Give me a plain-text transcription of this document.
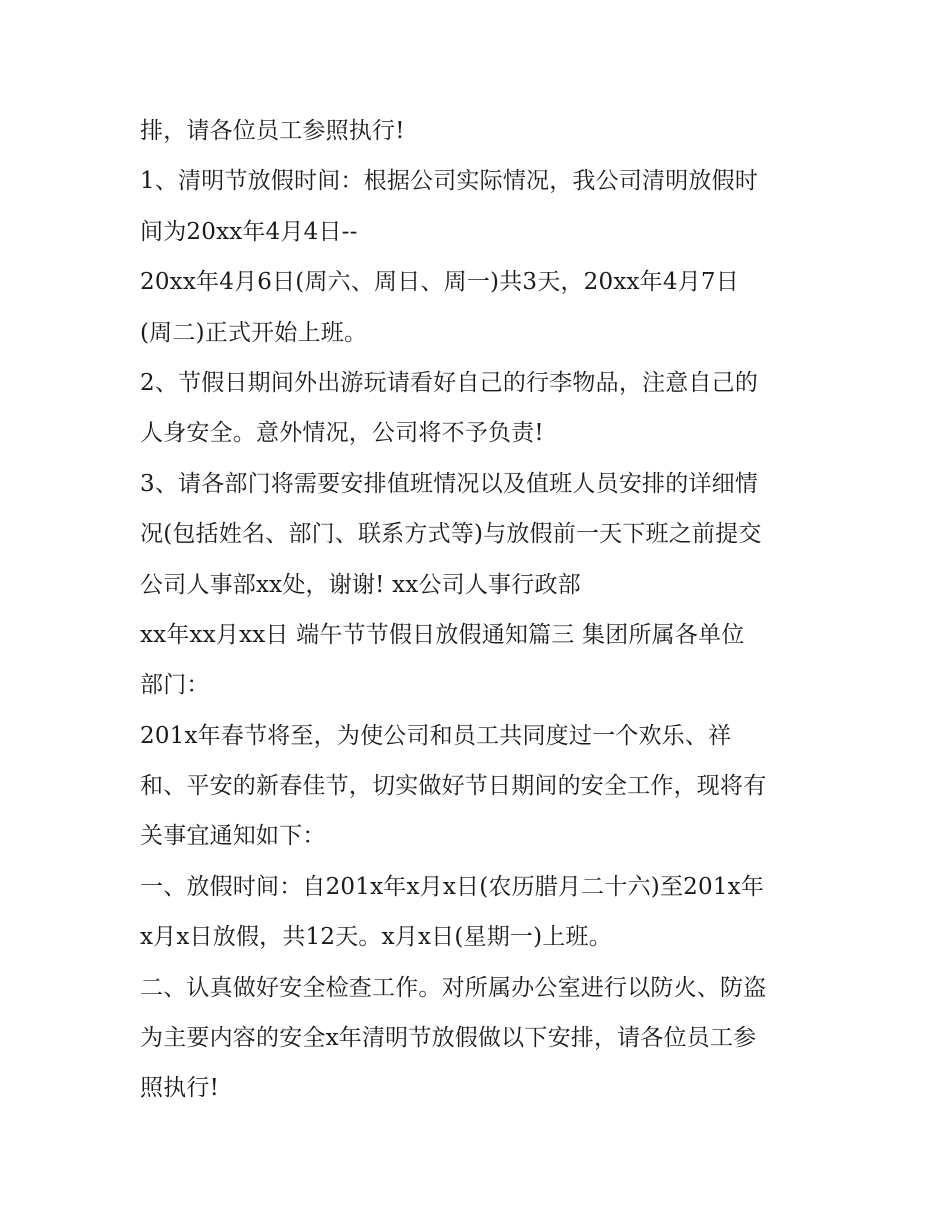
排，请各位员工参照执行!
1、清明节放假时间：根据公司实际情况，我公司清明放假时
间为20xx年4月4日--
20xx年4月6日(周六、周日、周一)共3天，20xx年4月7日
(周二)正式开始上班。
2、节假日期间外出游玩请看好自己的行李物品，注意自己的
人身安全。意外情况，公司将不予负责!
3、请各部门将需要安排值班情况以及值班人员安排的详细情
况(包括姓名、部门、联系方式等)与放假前一天下班之前提交
公司人事部xx处，谢谢! xx公司人事行政部
xx年xx月xx日 端午节节假日放假通知篇三 集团所属各单位
部门：
201x年春节将至，为使公司和员工共同度过一个欢乐、祥
和、平安的新春佳节，切实做好节日期间的安全工作，现将有
关事宜通知如下：
一、放假时间：自201x年x月x日(农历腊月二十六)至201x年
x月x日放假，共12天。x月x日(星期一)上班。
二、认真做好安全检查工作。对所属办公室进行以防火、防盗
为主要内容的安全x年清明节放假做以下安排，请各位员工参
照执行!
